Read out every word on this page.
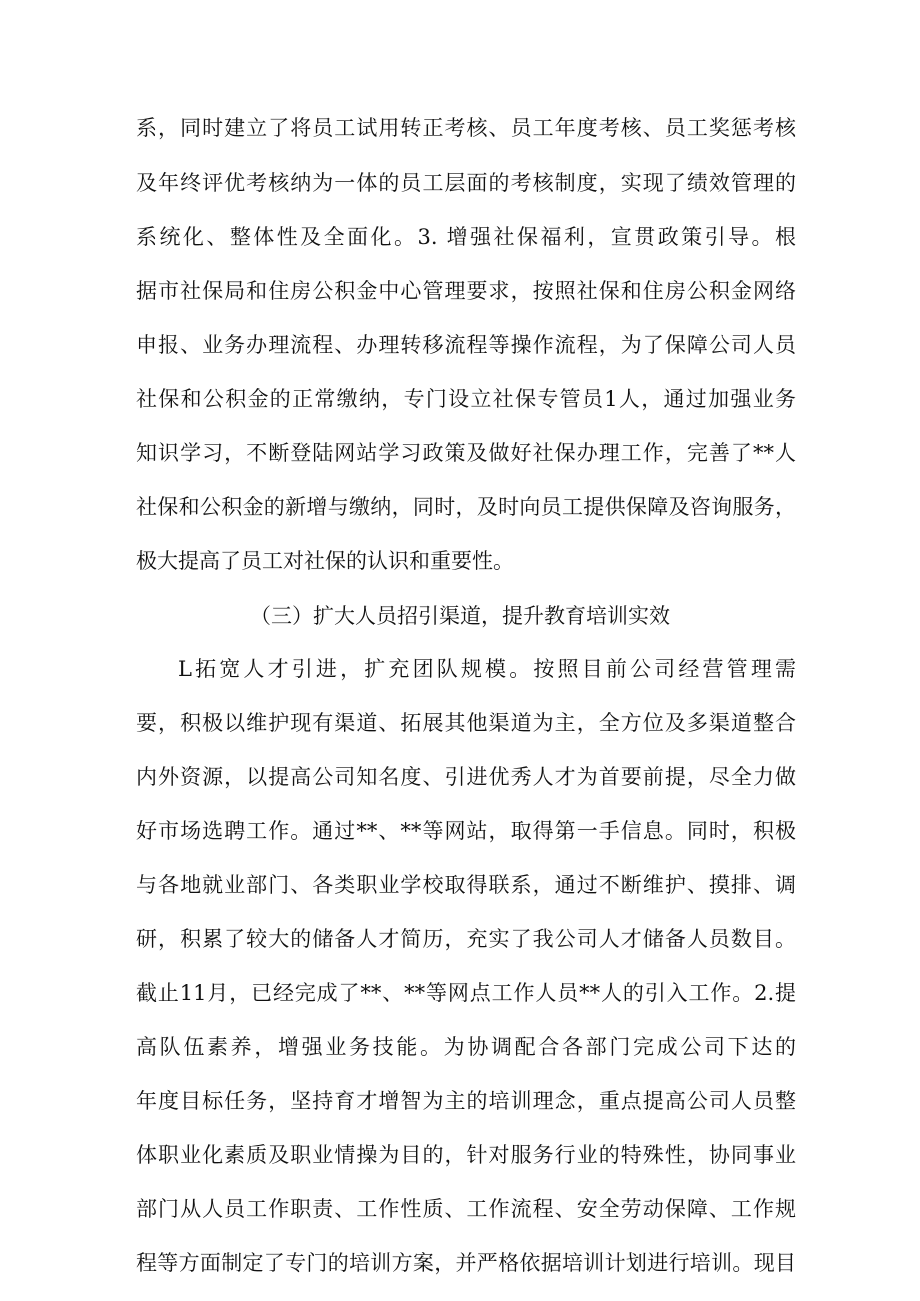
系，同时建立了将员工试用转正考核、员工年度考核、员工奖惩考核
及年终评优考核纳为一体的员工层面的考核制度，实现了绩效管理的
系统化、整体性及全面化。3. 增强社保福利，宣贯政策引导。根
据市社保局和住房公积金中心管理要求，按照社保和住房公积金网络
申报、业务办理流程、办理转移流程等操作流程，为了保障公司人员
社保和公积金的正常缴纳，专门设立社保专管员1人，通过加强业务
知识学习，不断登陆网站学习政策及做好社保办理工作，完善了**人
社保和公积金的新增与缴纳，同时，及时向员工提供保障及咨询服务，
极大提高了员工对社保的认识和重要性。
（三）扩大人员招引渠道，提升教育培训实效
L拓宽人才引进，扩充团队规模。按照目前公司经营管理需
要，积极以维护现有渠道、拓展其他渠道为主，全方位及多渠道整合
内外资源，以提高公司知名度、引进优秀人才为首要前提，尽全力做
好市场选聘工作。通过**、**等网站，取得第一手信息。同时，积极
与各地就业部门、各类职业学校取得联系，通过不断维护、摸排、调
研，积累了较大的储备人才简历，充实了我公司人才储备人员数目。
截止11月，已经完成了**、**等网点工作人员**人的引入工作。2.提
高队伍素养，增强业务技能。为协调配合各部门完成公司下达的
年度目标任务，坚持育才增智为主的培训理念，重点提高公司人员整
体职业化素质及职业情操为目的，针对服务行业的特殊性，协同事业
部门从人员工作职责、工作性质、工作流程、安全劳动保障、工作规
程等方面制定了专门的培训方案，并严格依据培训计划进行培训。现目
